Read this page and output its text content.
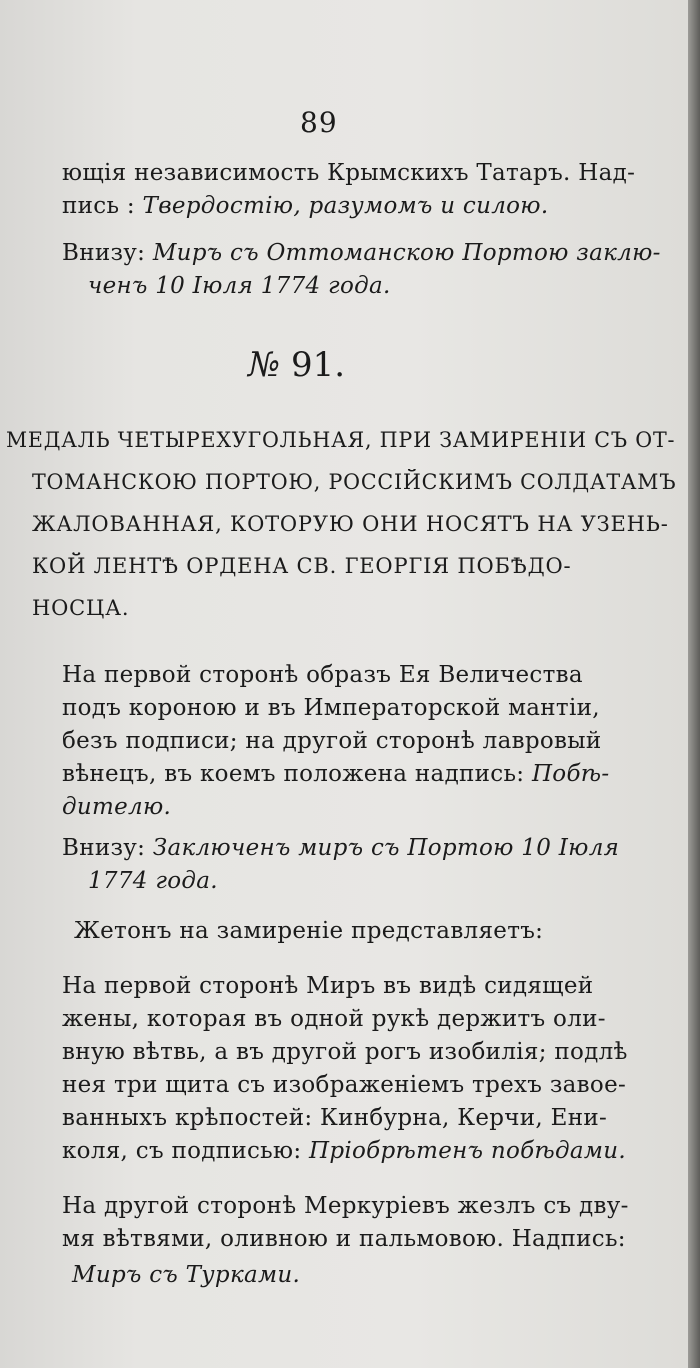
89
ющія независимость Крымскихъ Татаръ. Над-
пись : Твердостію, разумомъ и силою.
Внизу: Миръ съ Оттоманскою Портою заклю-
ченъ 10 Іюля 1774 года.
№ 91.
МЕДАЛЬ ЧЕТЫРЕХУГОЛЬНАЯ, ПРИ ЗАМИРЕНІИ СЪ ОТ-
ТОМАНСКОЮ ПОРТОЮ, РОССІЙСКИМЪ СОЛДАТАМЪ
ЖАЛОВАННАЯ, КОТОРУЮ ОНИ НОСЯТЪ НА УЗЕНЬ-
КОЙ ЛЕНТѢ ОРДЕНА СВ. ГЕОРГІЯ ПОБѢДО-
НОСЦА.
На первой сторонѣ образъ Ея Величества
подъ короною и въ Императорской мантіи,
безъ подписи; на другой сторонѣ лавровый
вѣнецъ, въ коемъ положена надпись: Побѣ-
дителю.
Внизу: Заключенъ миръ съ Портою 10 Іюля
1774 года.
Жетонъ на замиреніе представляетъ:
На первой сторонѣ Миръ въ видѣ сидящей
жены, которая въ одной рукѣ держитъ оли-
вную вѣтвь, а въ другой рогъ изобилія; подлѣ
нея три щита съ изображеніемъ трехъ завое-
ванныхъ крѣпостей: Кинбурна, Керчи, Ени-
коля, съ подписью: Пріобрѣтенъ побѣдами.
На другой сторонѣ Меркуріевъ жезлъ съ дву-
мя вѣтвями, оливною и пальмовою. Надпись:
Миръ съ Турками.
